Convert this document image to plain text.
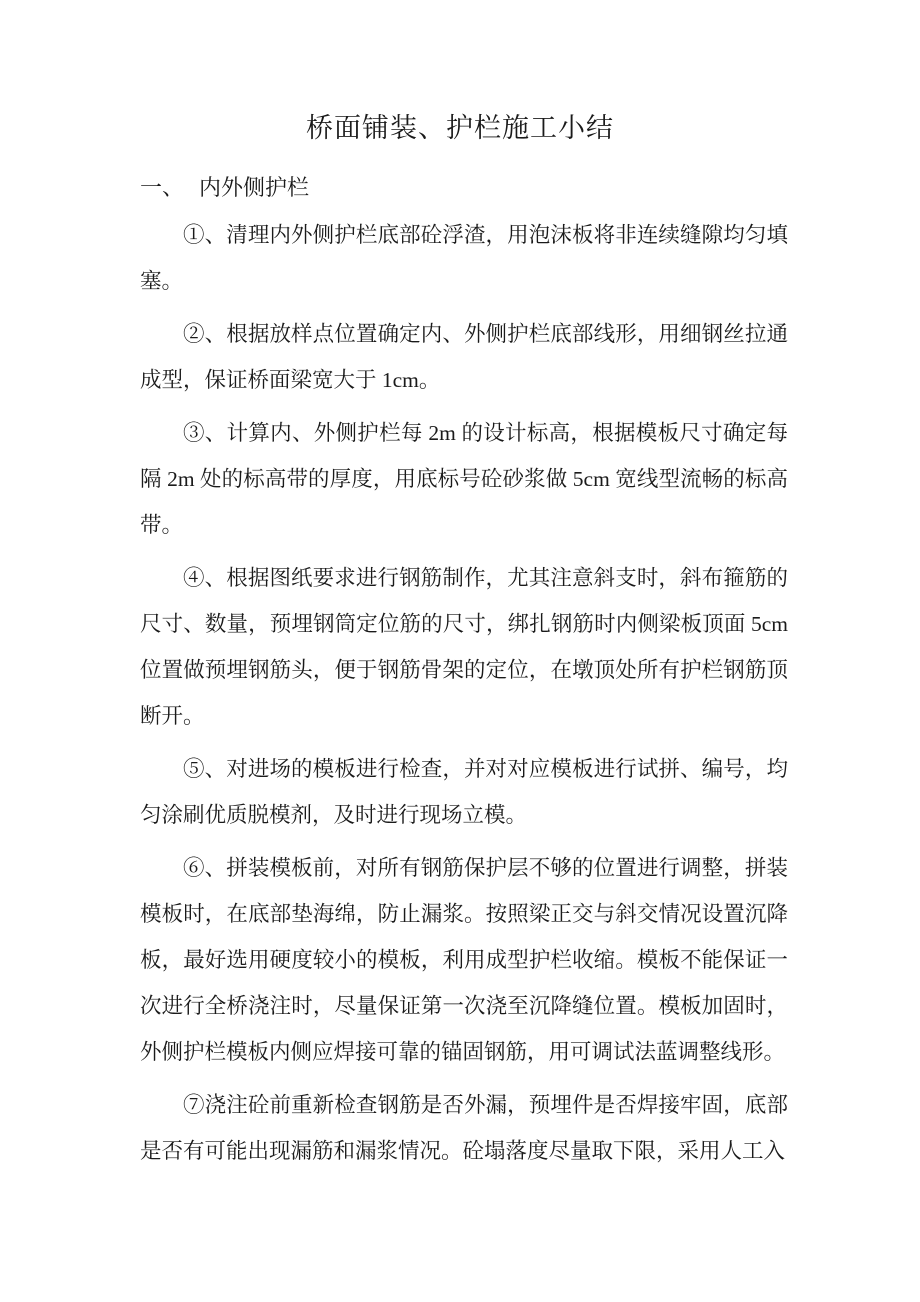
桥面铺装、护栏施工小结
一、 内外侧护栏

①、清理内外侧护栏底部砼浮渣，用泡沫板将非连续缝隙均匀填塞。

②、根据放样点位置确定内、外侧护栏底部线形，用细钢丝拉通成型，保证桥面梁宽大于 1cm。

③、计算内、外侧护栏每 2m 的设计标高，根据模板尺寸确定每隔 2m 处的标高带的厚度，用底标号砼砂浆做 5cm 宽线型流畅的标高带。

④、根据图纸要求进行钢筋制作，尤其注意斜支时，斜布箍筋的尺寸、数量，预埋钢筒定位筋的尺寸，绑扎钢筋时内侧梁板顶面 5cm 位置做预埋钢筋头，便于钢筋骨架的定位，在墩顶处所有护栏钢筋顶断开。

⑤、对进场的模板进行检查，并对对应模板进行试拼、编号，均匀涂刷优质脱模剂，及时进行现场立模。

⑥、拼装模板前，对所有钢筋保护层不够的位置进行调整，拼装模板时，在底部垫海绵，防止漏浆。按照梁正交与斜交情况设置沉降板，最好选用硬度较小的模板，利用成型护栏收缩。模板不能保证一次进行全桥浇注时，尽量保证第一次浇至沉降缝位置。模板加固时，外侧护栏模板内侧应焊接可靠的锚固钢筋，用可调试法蓝调整线形。

⑦浇注砼前重新检查钢筋是否外漏，预埋件是否焊接牢固，底部是否有可能出现漏筋和漏浆情况。砼塌落度尽量取下限，采用人工入
